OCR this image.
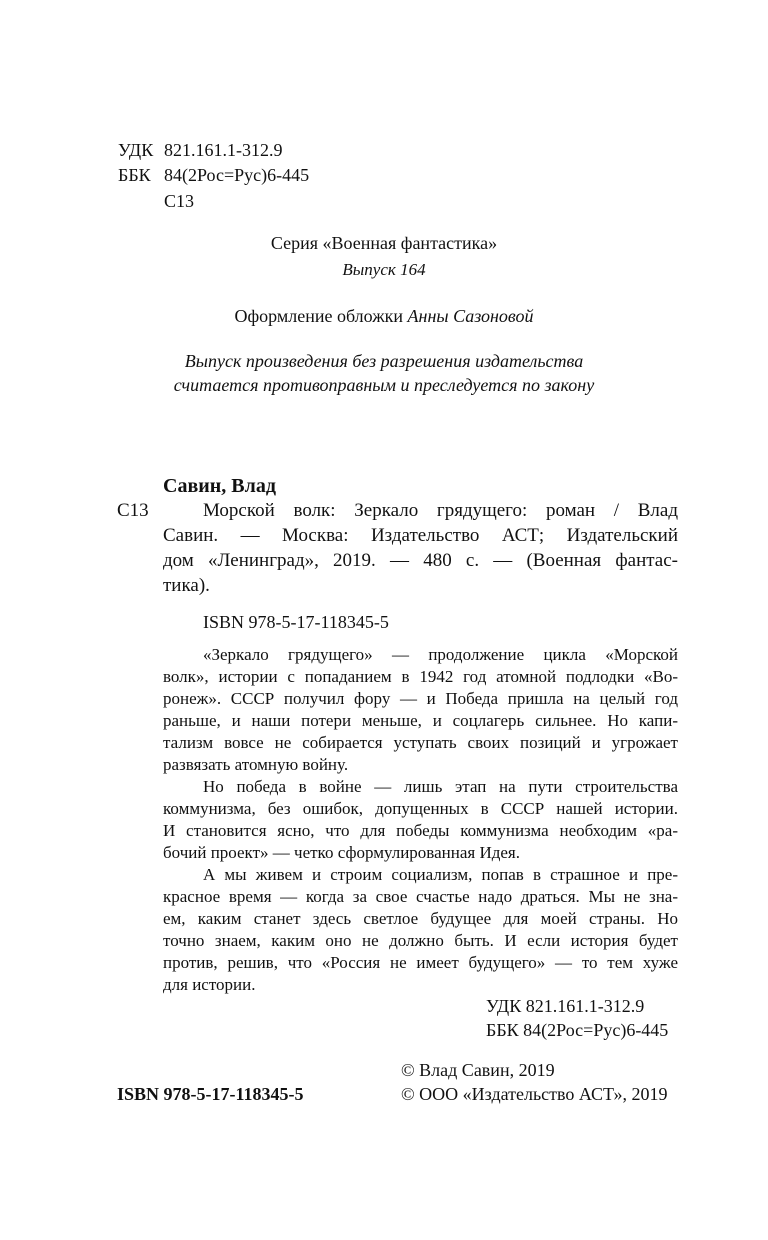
УДК 821.161.1-312.9
ББК 84(2Рос=Рус)6-445
С13
Серия «Военная фантастика»
Выпуск 164
Оформление обложки Анны Сазоновой
Выпуск произведения без разрешения издательства
считается противоправным и преследуется по закону
Савин, Влад
С13	Морской волк: Зеркало грядущего: роман / Влад
Савин. — Москва: Издательство АСТ; Издательский
дом «Ленинград», 2019. — 480 с. — (Военная фантас-
тика).
ISBN 978-5-17-118345-5
«Зеркало грядущего» — продолжение цикла «Морской
волк», истории с попаданием в 1942 год атомной подлодки «Во-
ронеж». СССР получил фору — и Победа пришла на целый год
раньше, и наши потери меньше, и соцлагерь сильнее. Но капи-
тализм вовсе не собирается уступать своих позиций и угрожает
развязать атомную войну.
Но победа в войне — лишь этап на пути строительства
коммунизма, без ошибок, допущенных в СССР нашей истории.
И становится ясно, что для победы коммунизма необходим «ра-
бочий проект» — четко сформулированная Идея.
А мы живем и строим социализм, попав в страшное и пре-
красное время — когда за свое счастье надо драться. Мы не зна-
ем, каким станет здесь светлое будущее для моей страны. Но
точно знаем, каким оно не должно быть. И если история будет
против, решив, что «Россия не имеет будущего» — то тем хуже
для истории.
УДК 821.161.1-312.9
ББК 84(2Рос=Рус)6-445
© Влад Савин, 2019
ISBN 978-5-17-118345-5	© ООО «Издательство АСТ», 2019
